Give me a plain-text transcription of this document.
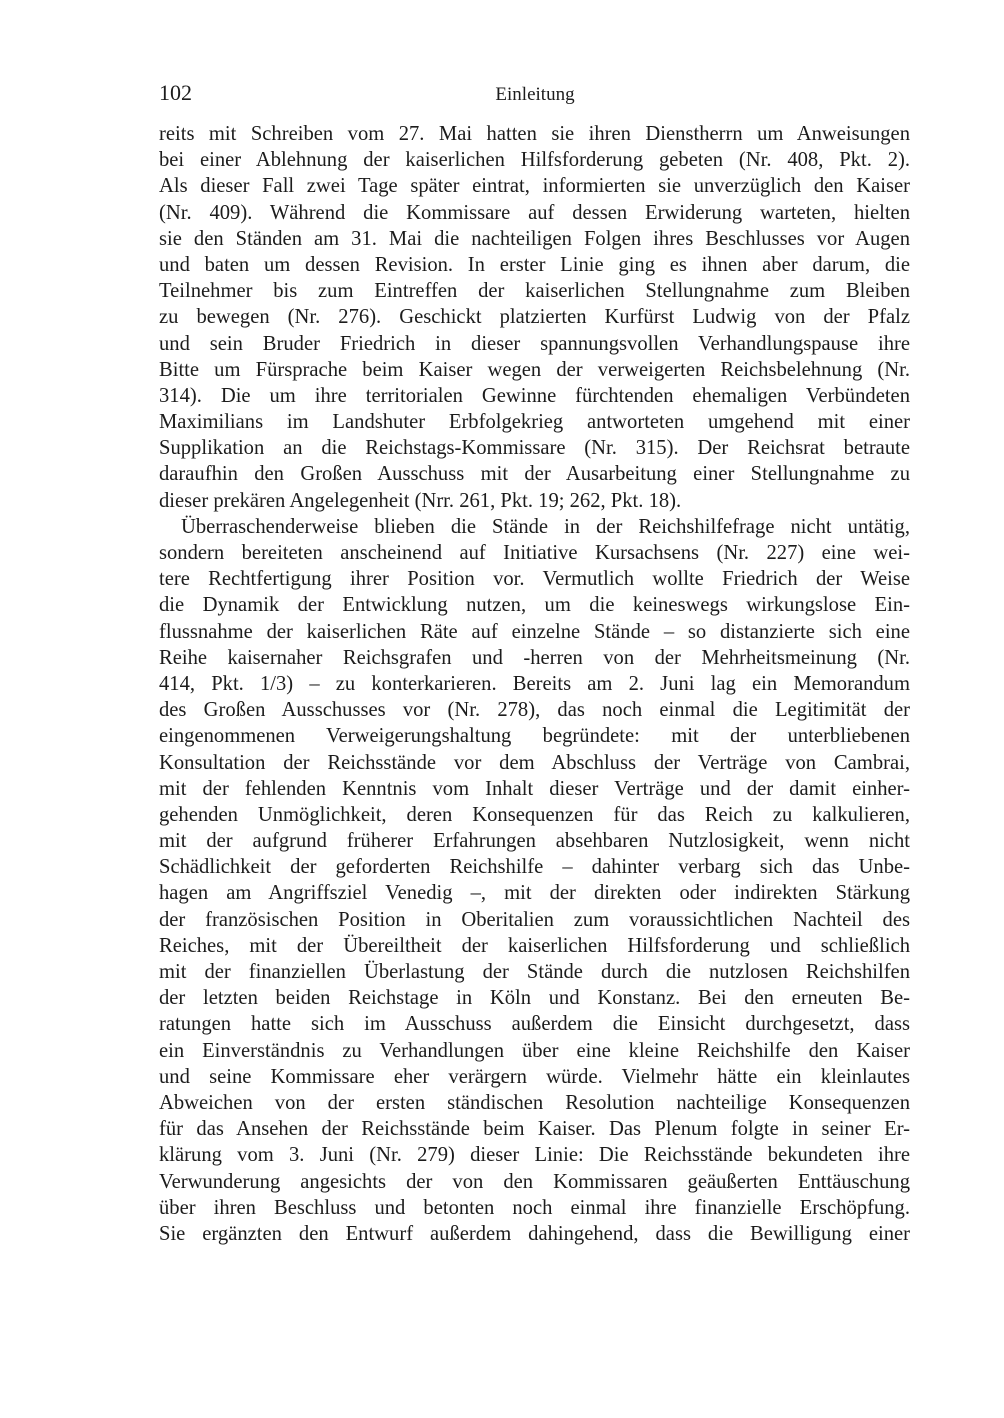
102	Einleitung
reits mit Schreiben vom 27. Mai hatten sie ihren Dienstherrn um Anweisungen
bei einer Ablehnung der kaiserlichen Hilfsforderung gebeten (Nr. 408, Pkt. 2).
Als dieser Fall zwei Tage später eintrat, informierten sie unverzüglich den Kaiser
(Nr. 409). Während die Kommissare auf dessen Erwiderung warteten, hielten
sie den Ständen am 31. Mai die nachteiligen Folgen ihres Beschlusses vor Augen
und baten um dessen Revision. In erster Linie ging es ihnen aber darum, die
Teilnehmer bis zum Eintreffen der kaiserlichen Stellungnahme zum Bleiben
zu bewegen (Nr. 276). Geschickt platzierten Kurfürst Ludwig von der Pfalz
und sein Bruder Friedrich in dieser spannungsvollen Verhandlungspause ihre
Bitte um Fürsprache beim Kaiser wegen der verweigerten Reichsbelehnung (Nr.
314). Die um ihre territorialen Gewinne fürchtenden ehemaligen Verbündeten
Maximilians im Landshuter Erbfolgekrieg antworteten umgehend mit einer
Supplikation an die Reichstags-Kommissare (Nr. 315). Der Reichsrat betraute
daraufhin den Großen Ausschuss mit der Ausarbeitung einer Stellungnahme zu
dieser prekären Angelegenheit (Nrr. 261, Pkt. 19; 262, Pkt. 18).
Überraschenderweise blieben die Stände in der Reichshilfefrage nicht untätig,
sondern bereiteten anscheinend auf Initiative Kursachsens (Nr. 227) eine wei-
tere Rechtfertigung ihrer Position vor. Vermutlich wollte Friedrich der Weise
die Dynamik der Entwicklung nutzen, um die keineswegs wirkungslose Ein-
flussnahme der kaiserlichen Räte auf einzelne Stände – so distanzierte sich eine
Reihe kaisernaher Reichsgrafen und -herren von der Mehrheitsmeinung (Nr.
414, Pkt. 1/3) – zu konterkarieren. Bereits am 2. Juni lag ein Memorandum
des Großen Ausschusses vor (Nr. 278), das noch einmal die Legitimität der
eingenommenen Verweigerungshaltung begründete: mit der unterbliebenen
Konsultation der Reichsstände vor dem Abschluss der Verträge von Cambrai,
mit der fehlenden Kenntnis vom Inhalt dieser Verträge und der damit einher-
gehenden Unmöglichkeit, deren Konsequenzen für das Reich zu kalkulieren,
mit der aufgrund früherer Erfahrungen absehbaren Nutzlosigkeit, wenn nicht
Schädlichkeit der geforderten Reichshilfe – dahinter verbarg sich das Unbe-
hagen am Angriffsziel Venedig –, mit der direkten oder indirekten Stärkung
der französischen Position in Oberitalien zum voraussichtlichen Nachteil des
Reiches, mit der Übereiltheit der kaiserlichen Hilfsforderung und schließlich
mit der finanziellen Überlastung der Stände durch die nutzlosen Reichshilfen
der letzten beiden Reichstage in Köln und Konstanz. Bei den erneuten Be-
ratungen hatte sich im Ausschuss außerdem die Einsicht durchgesetzt, dass
ein Einverständnis zu Verhandlungen über eine kleine Reichshilfe den Kaiser
und seine Kommissare eher verärgern würde. Vielmehr hätte ein kleinlautes
Abweichen von der ersten ständischen Resolution nachteilige Konsequenzen
für das Ansehen der Reichsstände beim Kaiser. Das Plenum folgte in seiner Er-
klärung vom 3. Juni (Nr. 279) dieser Linie: Die Reichsstände bekundeten ihre
Verwunderung angesichts der von den Kommissaren geäußerten Enttäuschung
über ihren Beschluss und betonten noch einmal ihre finanzielle Erschöpfung.
Sie ergänzten den Entwurf außerdem dahingehend, dass die Bewilligung einer
